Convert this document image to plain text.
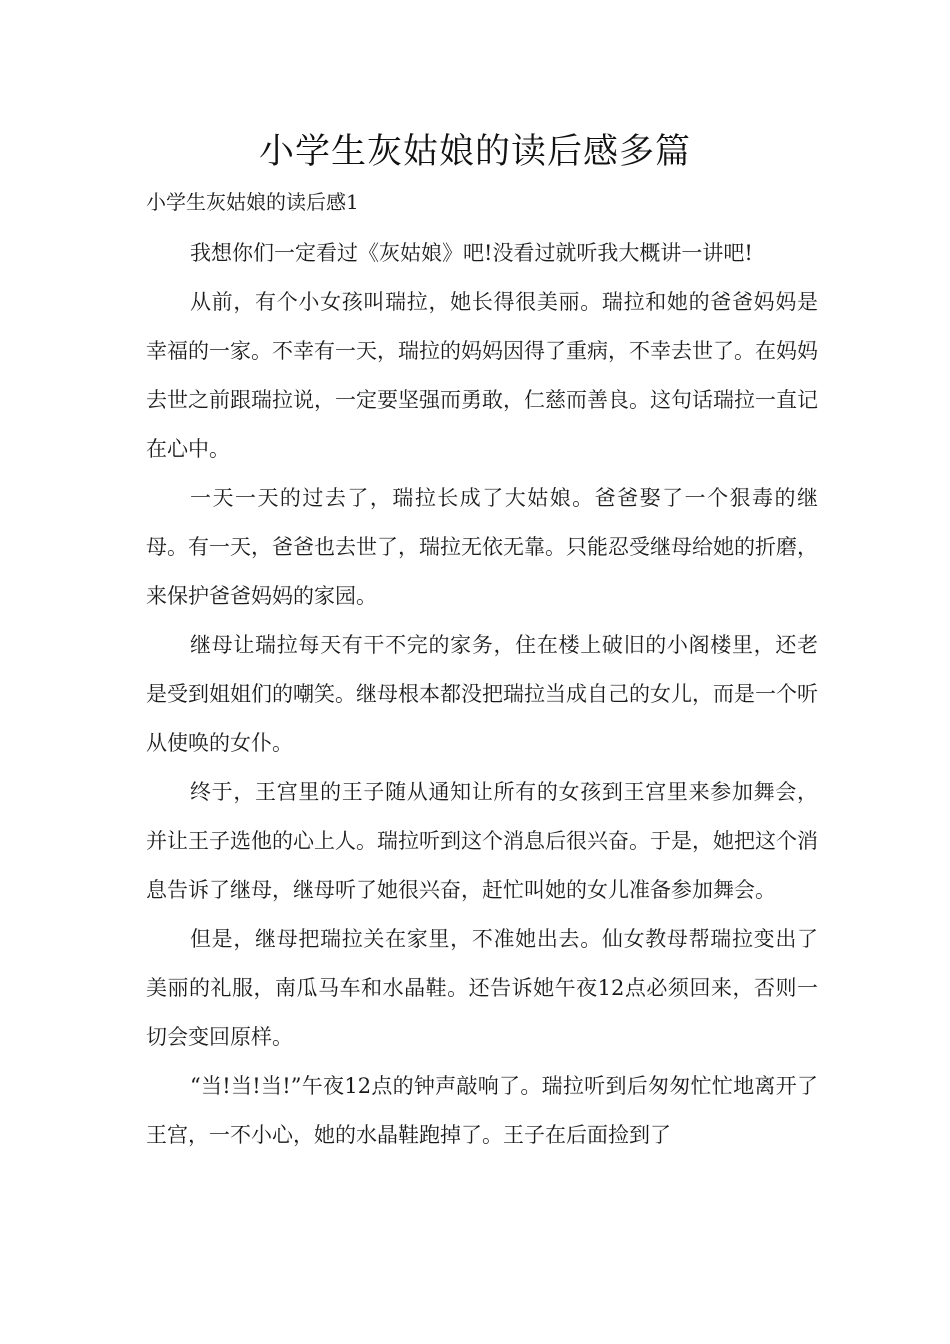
小学生灰姑娘的读后感多篇
小学生灰姑娘的读后感1

我想你们一定看过《灰姑娘》吧!没看过就听我大概讲一讲吧!

从前，有个小女孩叫瑞拉，她长得很美丽。瑞拉和她的爸爸妈妈是幸福的一家。不幸有一天，瑞拉的妈妈因得了重病，不幸去世了。在妈妈去世之前跟瑞拉说，一定要坚强而勇敢，仁慈而善良。这句话瑞拉一直记在心中。

一天一天的过去了，瑞拉长成了大姑娘。爸爸娶了一个狠毒的继母。有一天，爸爸也去世了，瑞拉无依无靠。只能忍受继母给她的折磨，来保护爸爸妈妈的家园。

继母让瑞拉每天有干不完的家务，住在楼上破旧的小阁楼里，还老是受到姐姐们的嘲笑。继母根本都没把瑞拉当成自己的女儿，而是一个听从使唤的女仆。

终于，王宫里的王子随从通知让所有的女孩到王宫里来参加舞会，并让王子选他的心上人。瑞拉听到这个消息后很兴奋。于是，她把这个消息告诉了继母，继母听了她很兴奋，赶忙叫她的女儿准备参加舞会。

但是，继母把瑞拉关在家里，不准她出去。仙女教母帮瑞拉变出了美丽的礼服，南瓜马车和水晶鞋。还告诉她午夜12点必须回来，否则一切会变回原样。

“当!当!当!”午夜12点的钟声敲响了。瑞拉听到后匆匆忙忙地离开了王宫，一不小心，她的水晶鞋跑掉了。王子在后面捡到了
